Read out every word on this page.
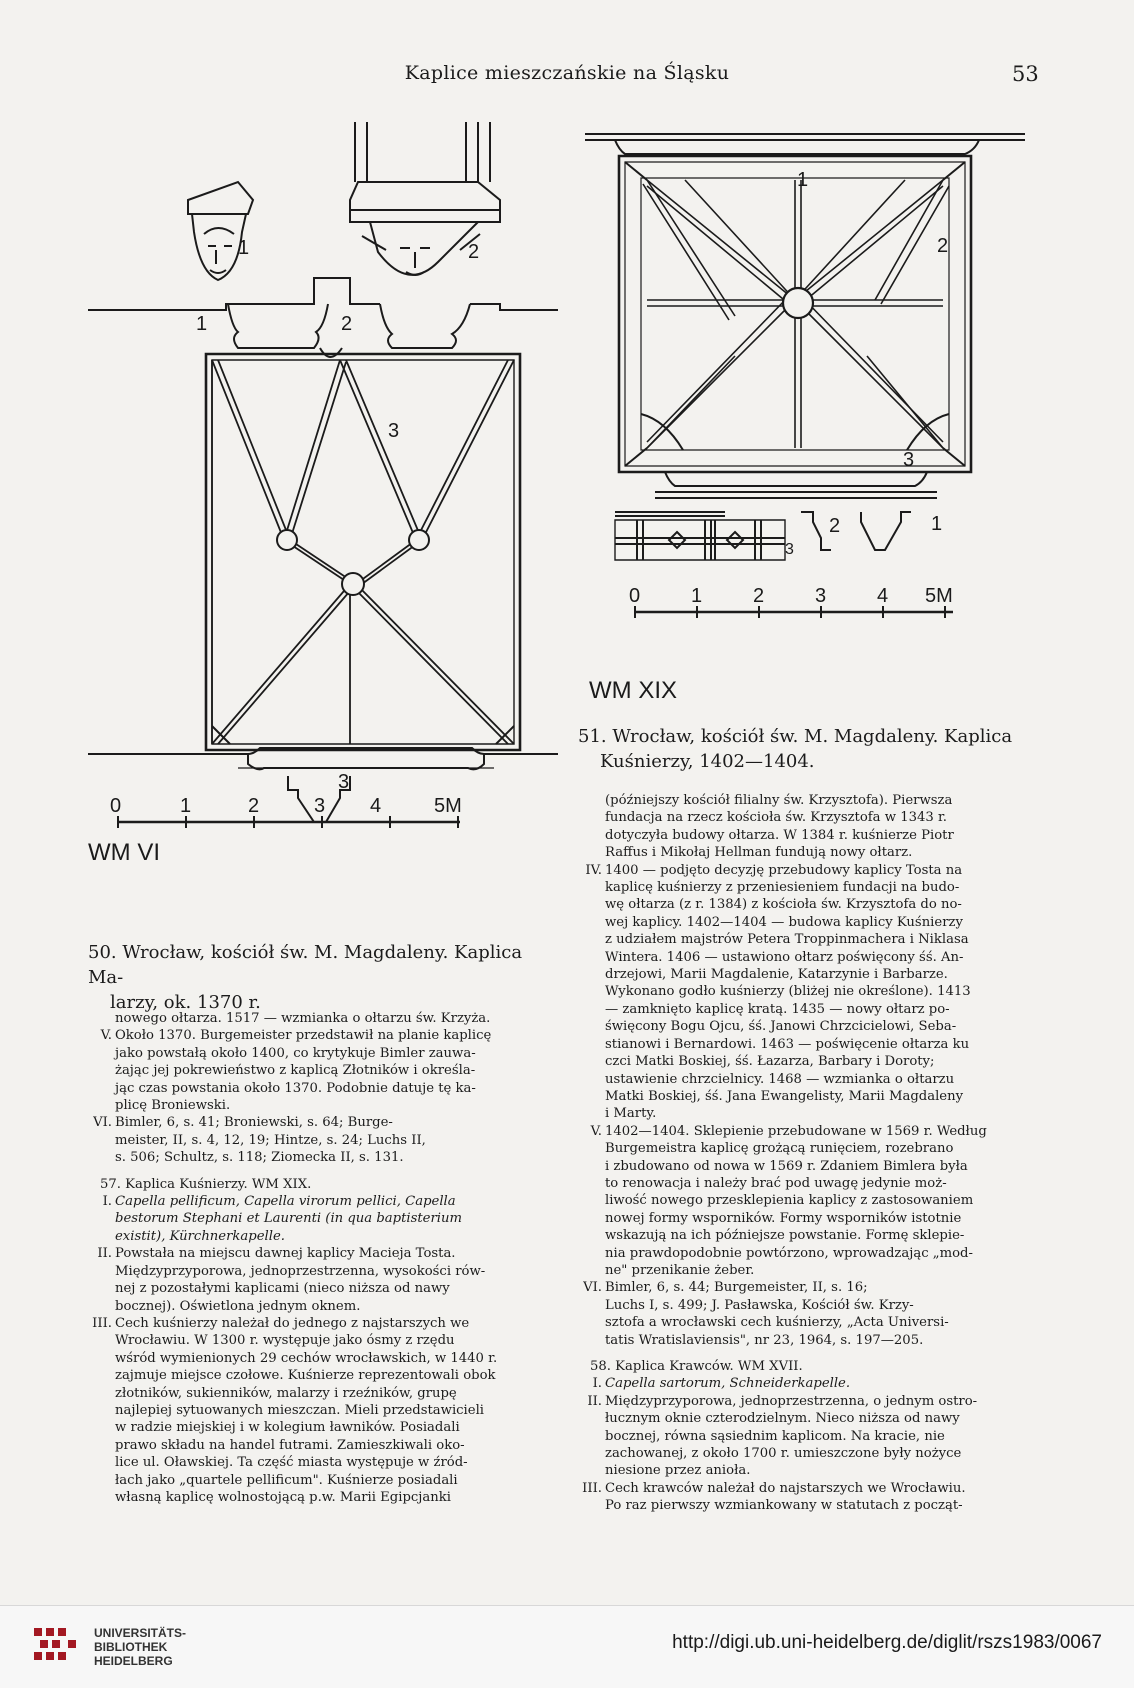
Kaplice mieszczańskie na Śląsku	53
1	2
1	2
3
3
0	1	2	3 4	5M
WM VI
50. Wrocław, kościół św. M. Magdaleny. Kaplica Ma-
larzy, ok. 1370 r.
1
2
3
2	1
3
0	1	2	3	4 5M
WM XIX
51. Wrocław, kościół św. M. Magdaleny. Kaplica
Kuśnierzy, 1402—1404.
nowego ołtarza. 1517 — wzmianka o ołtarzu św. Krzyża.
V. Około 1370. Burgemeister przedstawił na planie kaplicę
jako powstałą około 1400, co krytykuje Bimler zauwa-
żając jej pokrewieństwo z kaplicą Złotników i określa-
jąc czas powstania około 1370. Podobnie datuje tę ka-
plicę Broniewski.
VI. Bimler, 6, s. 41; Broniewski, s. 64; Burge-
meister, II, s. 4, 12, 19; Hintze, s. 24; Luchs II,
s. 506; Schultz, s. 118; Ziomecka II, s. 131.
57. Kaplica Kuśnierzy. WM XIX.
I. Capella pellificum, Capella virorum pellici, Capella
bestorum Stephani et Laurenti (in qua baptisterium
existit), Kürchnerkapelle.
II. Powstała na miejscu dawnej kaplicy Macieja Tosta.
Międzyprzyporowa, jednoprzestrzenna, wysokości rów-
nej z pozostałymi kaplicami (nieco niższa od nawy
bocznej). Oświetlona jednym oknem.
III. Cech kuśnierzy należał do jednego z najstarszych we
Wrocławiu. W 1300 r. występuje jako ósmy z rzędu
wśród wymienionych 29 cechów wrocławskich, w 1440 r.
zajmuje miejsce czołowe. Kuśnierze reprezentowali obok
złotników, sukienników, malarzy i rzeźników, grupę
najlepiej sytuowanych mieszczan. Mieli przedstawicieli
w radzie miejskiej i w kolegium ławników. Posiadali
prawo składu na handel futrami. Zamieszkiwali oko-
lice ul. Oławskiej. Ta część miasta występuje w źród-
łach jako „quartele pellificum". Kuśnierze posiadali
własną kaplicę wolnostojącą p.w. Marii Egipcjanki
(późniejszy kościół filialny św. Krzysztofa). Pierwsza
fundacja na rzecz kościoła św. Krzysztofa w 1343 r.
dotyczyła budowy ołtarza. W 1384 r. kuśnierze Piotr
Raffus i Mikołaj Hellman fundują nowy ołtarz.
IV. 1400 — podjęto decyzję przebudowy kaplicy Tosta na
kaplicę kuśnierzy z przeniesieniem fundacji na budo-
wę ołtarza (z r. 1384) z kościoła św. Krzysztofa do no-
wej kaplicy. 1402—1404 — budowa kaplicy Kuśnierzy
z udziałem majstrów Petera Troppinmachera i Niklasa
Wintera. 1406 — ustawiono ołtarz poświęcony śś. An-
drzejowi, Marii Magdalenie, Katarzynie i Barbarze.
Wykonano godło kuśnierzy (bliżej nie określone). 1413
— zamknięto kaplicę kratą. 1435 — nowy ołtarz po-
święcony Bogu Ojcu, śś. Janowi Chrzcicielowi, Seba-
stianowi i Bernardowi. 1463 — poświęcenie ołtarza ku
czci Matki Boskiej, śś. Łazarza, Barbary i Doroty;
ustawienie chrzcielnicy. 1468 — wzmianka o ołtarzu
Matki Boskiej, śś. Jana Ewangelisty, Marii Magdaleny
i Marty.
V. 1402—1404. Sklepienie przebudowane w 1569 r. Według
Burgemeistra kaplicę grożącą runięciem, rozebrano
i zbudowano od nowa w 1569 r. Zdaniem Bimlera była
to renowacja i należy brać pod uwagę jedynie moż-
liwość nowego przesklepienia kaplicy z zastosowaniem
nowej formy wsporników. Formy wsporników istotnie
wskazują na ich późniejsze powstanie. Formę sklepie-
nia prawdopodobnie powtórzono, wprowadzając „mod-
ne" przenikanie żeber.
VI. Bimler, 6, s. 44; Burgemeister, II, s. 16;
Luchs I, s. 499; J. Pasławska, Kościół św. Krzy-
sztofa a wrocławski cech kuśnierzy, „Acta Universi-
tatis Wratislaviensis", nr 23, 1964, s. 197—205.
58. Kaplica Krawców. WM XVII.
I. Capella sartorum, Schneiderkapelle.
II. Międzyprzyporowa, jednoprzestrzenna, o jednym ostro-
łucznym oknie czterodzielnym. Nieco niższa od nawy
bocznej, równa sąsiednim kaplicom. Na kracie, nie
zachowanej, z około 1700 r. umieszczone były nożyce
niesione przez anioła.
III. Cech krawców należał do najstarszych we Wrocławiu.
Po raz pierwszy wzmiankowany w statutach z począt-
UNIVERSITÄTS-
BIBLIOTHEK
HEIDELBERG
http://digi.ub.uni-heidelberg.de/diglit/rszs1983/0067
